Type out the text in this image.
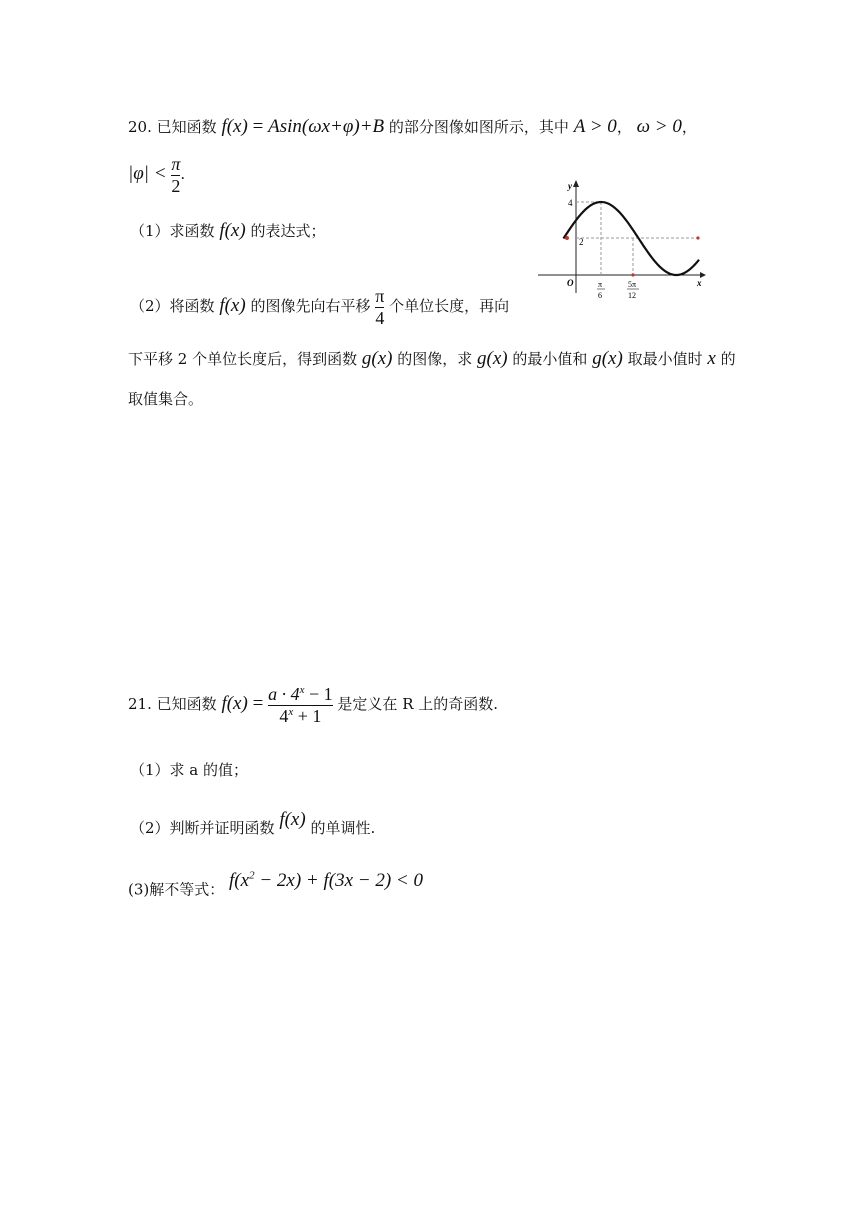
20. 已知函数 f(x) = Asin(ωx+φ)+B 的部分图像如图所示，其中 A > 0， ω > 0，
$|\varphi| < \frac{\pi}{2}$ .
（1）求函数 f(x) 的表达式；
（2）将函数 f(x) 的图像先向右平移 $\frac{\pi}{4}$ 个单位长度，再向
下平移 2 个单位长度后，得到函数 g(x) 的图像，求 g(x) 的最小值和 g(x) 取最小值时 x 的
取值集合。
y
x
O
4
2
π
6
5π
12
21. 已知函数 $f(x) = \frac{a \cdot 4^x - 1}{4^x + 1}$ 是定义在 R 上的奇函数.
（1）求 a 的值；
（2）判断并证明函数 f(x) 的单调性.
(3)解不等式： $f(x^2 - 2x) + f(3x - 2) < 0$
